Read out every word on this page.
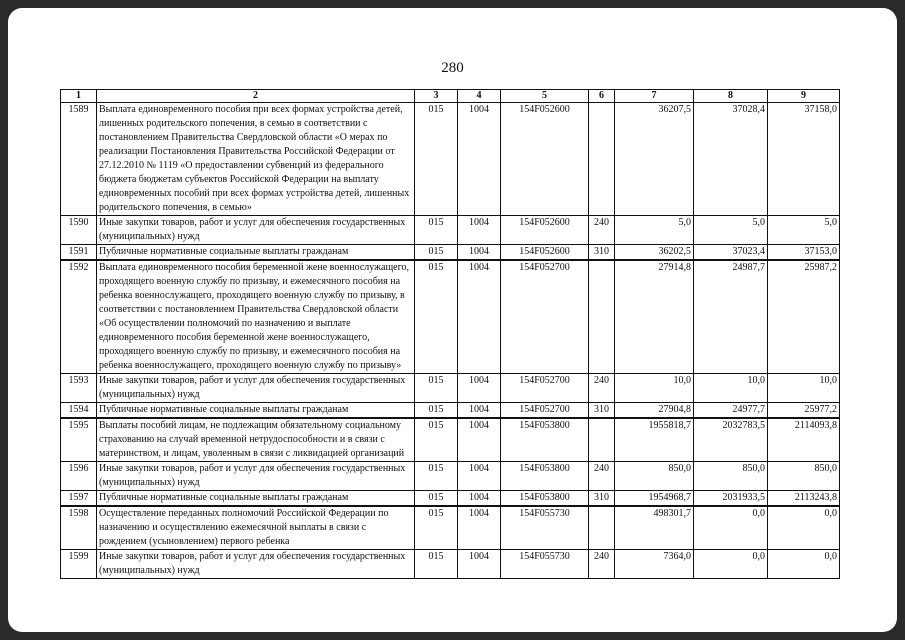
280
1	2	3	4	5	6	7	8	9
1589	Выплата единовременного пособия при всех формах устройства детей, лишенных родительского попечения, в семью в соответствии с постановлением Правительства Свердловской области «О мерах по реализации Постановления Правительства Российской Федерации от 27.12.2010 № 1119 «О предоставлении субвенций из федерального бюджета бюджетам субъектов Российской Федерации на выплату единовременных пособий при всех формах устройства детей, лишенных родительского попечения, в семью»	015	1004	154F052600		36207,5	37028,4	37158,0
1590	Иные закупки товаров, работ и услуг для обеспечения государственных (муниципальных) нужд	015	1004	154F052600	240	5,0	5,0	5,0
1591	Публичные нормативные социальные выплаты гражданам	015	1004	154F052600	310	36202,5	37023,4	37153,0
1592	Выплата единовременного пособия беременной жене военнослужащего, проходящего военную службу по призыву, и ежемесячного пособия на ребенка военнослужащего, проходящего военную службу по призыву, в соответствии с постановлением Правительства Свердловской области «Об осуществлении полномочий по назначению и выплате единовременного пособия беременной жене военнослужащего, проходящего военную службу по призыву, и ежемесячного пособия на ребенка военнослужащего, проходящего военную службу по призыву»	015	1004	154F052700		27914,8	24987,7	25987,2
1593	Иные закупки товаров, работ и услуг для обеспечения государственных (муниципальных) нужд	015	1004	154F052700	240	10,0	10,0	10,0
1594	Публичные нормативные социальные выплаты гражданам	015	1004	154F052700	310	27904,8	24977,7	25977,2
1595	Выплаты пособий лицам, не подлежащим обязательному социальному страхованию на случай временной нетрудоспособности и в связи с материнством, и лицам, уволенным в связи с ликвидацией организаций	015	1004	154F053800		1955818,7	2032783,5	2114093,8
1596	Иные закупки товаров, работ и услуг для обеспечения государственных (муниципальных) нужд	015	1004	154F053800	240	850,0	850,0	850,0
1597	Публичные нормативные социальные выплаты гражданам	015	1004	154F053800	310	1954968,7	2031933,5	2113243,8
1598	Осуществление переданных полномочий Российской Федерации по назначению и осуществлению ежемесячной выплаты в связи с рождением (усыновлением) первого ребенка	015	1004	154F055730		498301,7	0,0	0,0
1599	Иные закупки товаров, работ и услуг для обеспечения государственных (муниципальных) нужд	015	1004	154F055730	240	7364,0	0,0	0,0
